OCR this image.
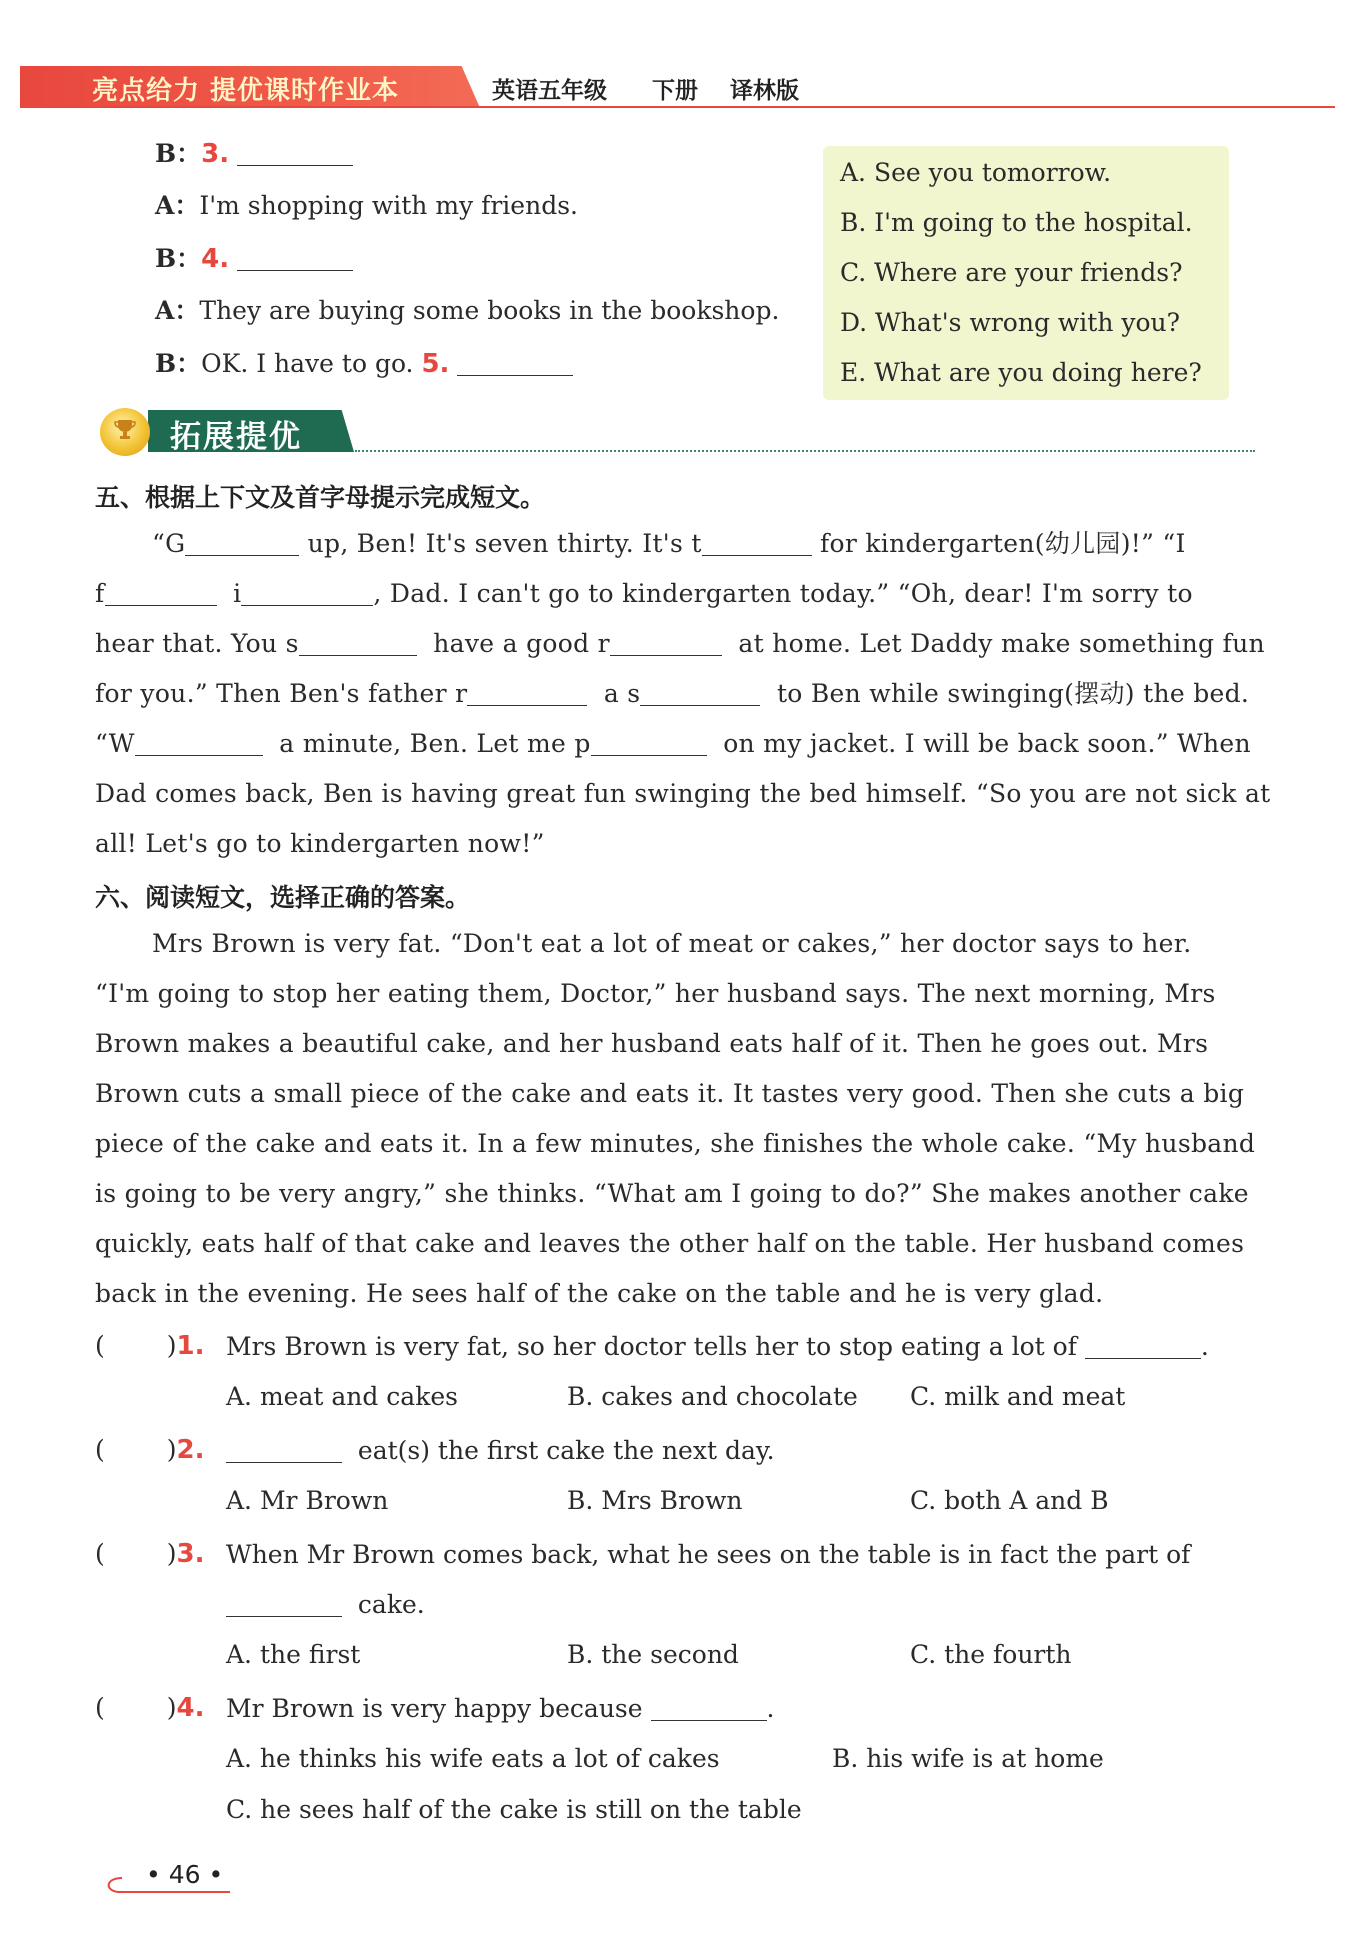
亮点给力 提优课时作业本	英语五年级 下册 译林版
B：3.
A：I'm shopping with my friends.
B：4.
A：They are buying some books in the bookshop.
B：OK. I have to go. 5.
A. See you tomorrow.
B. I'm going to the hospital.
C. Where are your friends?
D. What's wrong with you?
E. What are you doing here?
拓展提优
五、根据上下文及首字母提示完成短文。
“G	up, Ben! It's seven thirty. It's t	for kindergarten(幼儿园)!” “I
f	i	, Dad. I can't go to kindergarten today.” “Oh, dear! I'm sorry to
hear that. You s	have a good r	at home. Let Daddy make something fun
for you.” Then Ben's father r	a s	to Ben while swinging(摆动) the bed.
“W	a minute, Ben. Let me p	on my jacket. I will be back soon.” When
Dad comes back, Ben is having great fun swinging the bed himself. “So you are not sick at
all! Let's go to kindergarten now!”
六、阅读短文，选择正确的答案。
Mrs Brown is very fat. “Don't eat a lot of meat or cakes,” her doctor says to her.
“I'm going to stop her eating them, Doctor,” her husband says. The next morning, Mrs
Brown makes a beautiful cake, and her husband eats half of it. Then he goes out. Mrs
Brown cuts a small piece of the cake and eats it. It tastes very good. Then she cuts a big
piece of the cake and eats it. In a few minutes, she finishes the whole cake. “My husband
is going to be very angry,” she thinks. “What am I going to do?” She makes another cake
quickly, eats half of that cake and leaves the other half on the table. Her husband comes
back in the evening. He sees half of the cake on the table and he is very glad.
( )1. Mrs Brown is very fat, so her doctor tells her to stop eating a lot of	.
A. meat and cakes	B. cakes and chocolate C. milk and meat
( )2.	eat(s) the first cake the next day.
A. Mr Brown	B. Mrs Brown	C. both A and B
( )3. When Mr Brown comes back, what he sees on the table is in fact the part of
cake.
A. the first	B. the second	C. the fourth
( )4. Mr Brown is very happy because	.
A. he thinks his wife eats a lot of cakes	B. his wife is at home
C. he sees half of the cake is still on the table
• 46 •
